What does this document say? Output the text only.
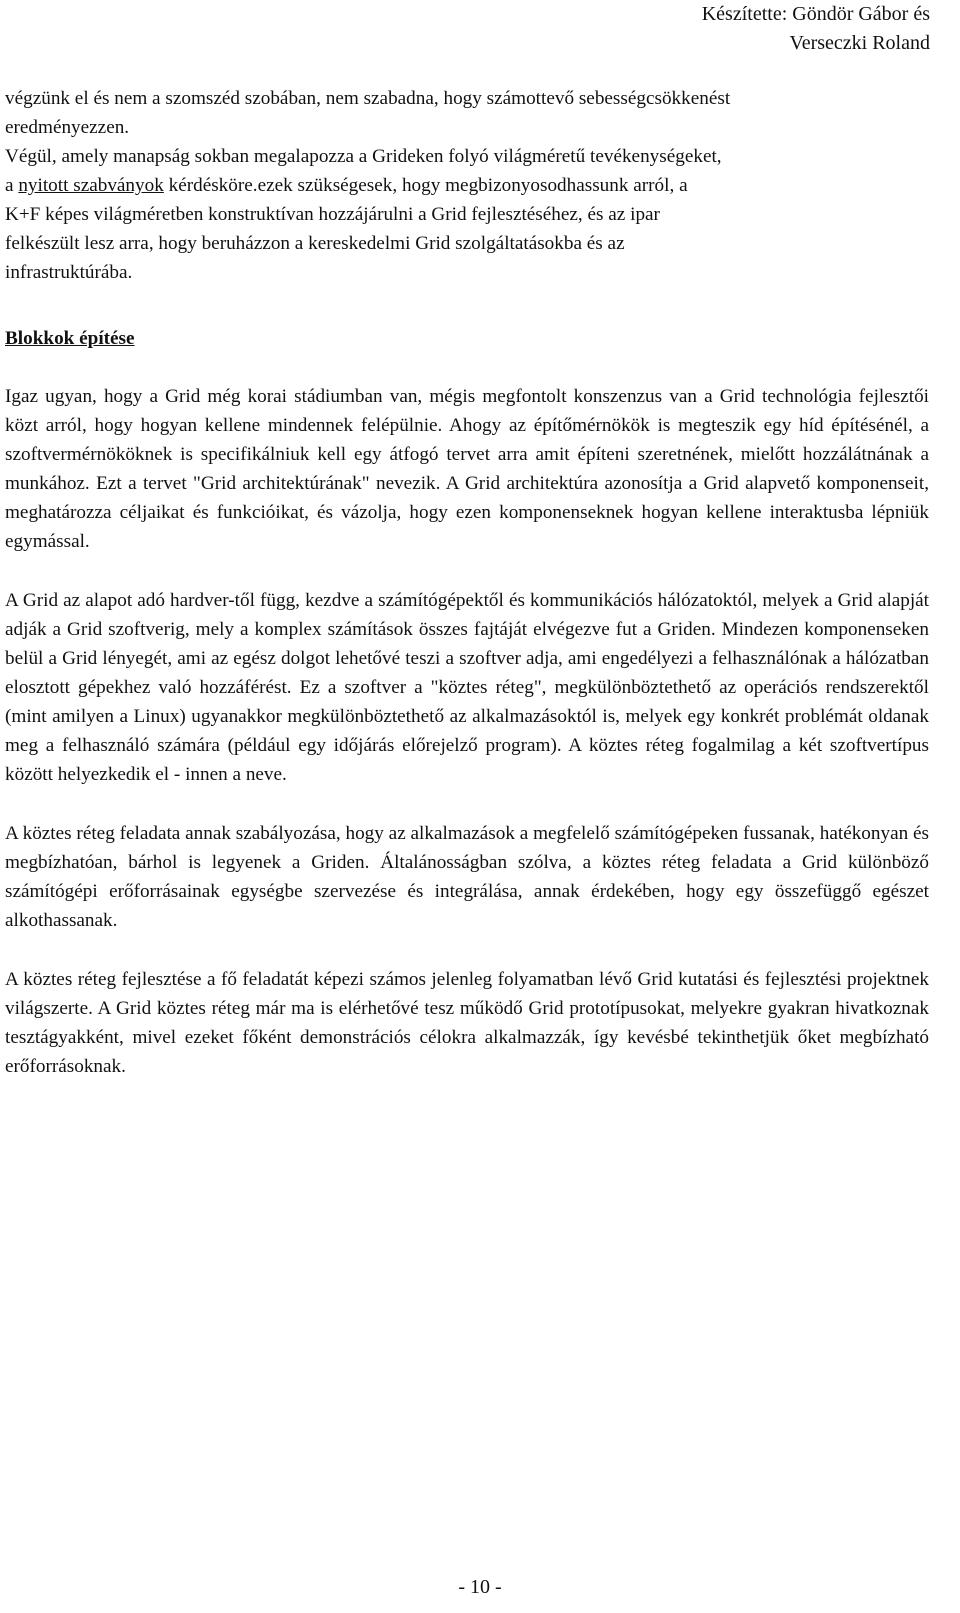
Készítette: Göndör Gábor és
Verseczki Roland
végzünk el és nem a szomszéd szobában, nem szabadna, hogy számottevő sebességcsökkenést
eredményezzen.
Végül, amely manapság sokban megalapozza a Grideken folyó világméretű tevékenységeket,
a nyitott szabványok kérdésköre.ezek szükségesek, hogy megbizonyosodhassunk arról, a
K+F képes világméretben konstruktívan hozzájárulni a Grid fejlesztéséhez, és az ipar
felkészült lesz arra, hogy beruházzon a kereskedelmi Grid szolgáltatásokba és az
infrastruktúrába.
Blokkok építése

Igaz ugyan, hogy a Grid még korai stádiumban van, mégis megfontolt konszenzus van a Grid technológia fejlesztői közt arról, hogy hogyan kellene mindennek felépülnie. Ahogy az építőmérnökök is megteszik egy híd építésénél, a szoftvermérnököknek is specifikálniuk kell egy átfogó tervet arra amit építeni szeretnének, mielőtt hozzálátnának a munkához. Ezt a tervet "Grid architektúrának" nevezik. A Grid architektúra azonosítja a Grid alapvető komponenseit, meghatározza céljaikat és funkcióikat, és vázolja, hogy ezen komponenseknek hogyan kellene interaktusba lépniük egymással.

A Grid az alapot adó hardver-től függ, kezdve a számítógépektől és kommunikációs hálózatoktól, melyek a Grid alapját adják a Grid szoftverig, mely a komplex számítások összes fajtáját elvégezve fut a Griden. Mindezen komponenseken belül a Grid lényegét, ami az egész dolgot lehetővé teszi a szoftver adja, ami engedélyezi a felhasználónak a hálózatban elosztott gépekhez való hozzáférést. Ez a szoftver a "köztes réteg", megkülönböztethető az operációs rendszerektől (mint amilyen a Linux) ugyanakkor megkülönböztethető az alkalmazásoktól is, melyek egy konkrét problémát oldanak meg a felhasználó számára (például egy időjárás előrejelző program). A köztes réteg fogalmilag a két szoftvertípus között helyezkedik el - innen a neve.

A köztes réteg feladata annak szabályozása, hogy az alkalmazások a megfelelő számítógépeken fussanak, hatékonyan és megbízhatóan, bárhol is legyenek a Griden. Általánosságban szólva, a köztes réteg feladata a Grid különböző számítógépi erőforrásainak egységbe szervezése és integrálása, annak érdekében, hogy egy összefüggő egészet alkothassanak.

A köztes réteg fejlesztése a fő feladatát képezi számos jelenleg folyamatban lévő Grid kutatási és fejlesztési projektnek világszerte. A Grid köztes réteg már ma is elérhetővé tesz működő Grid prototípusokat, melyekre gyakran hivatkoznak tesztágyakként, mivel ezeket főként demonstrációs célokra alkalmazzák, így kevésbé tekinthetjük őket megbízható erőforrásoknak.

- 10 -
